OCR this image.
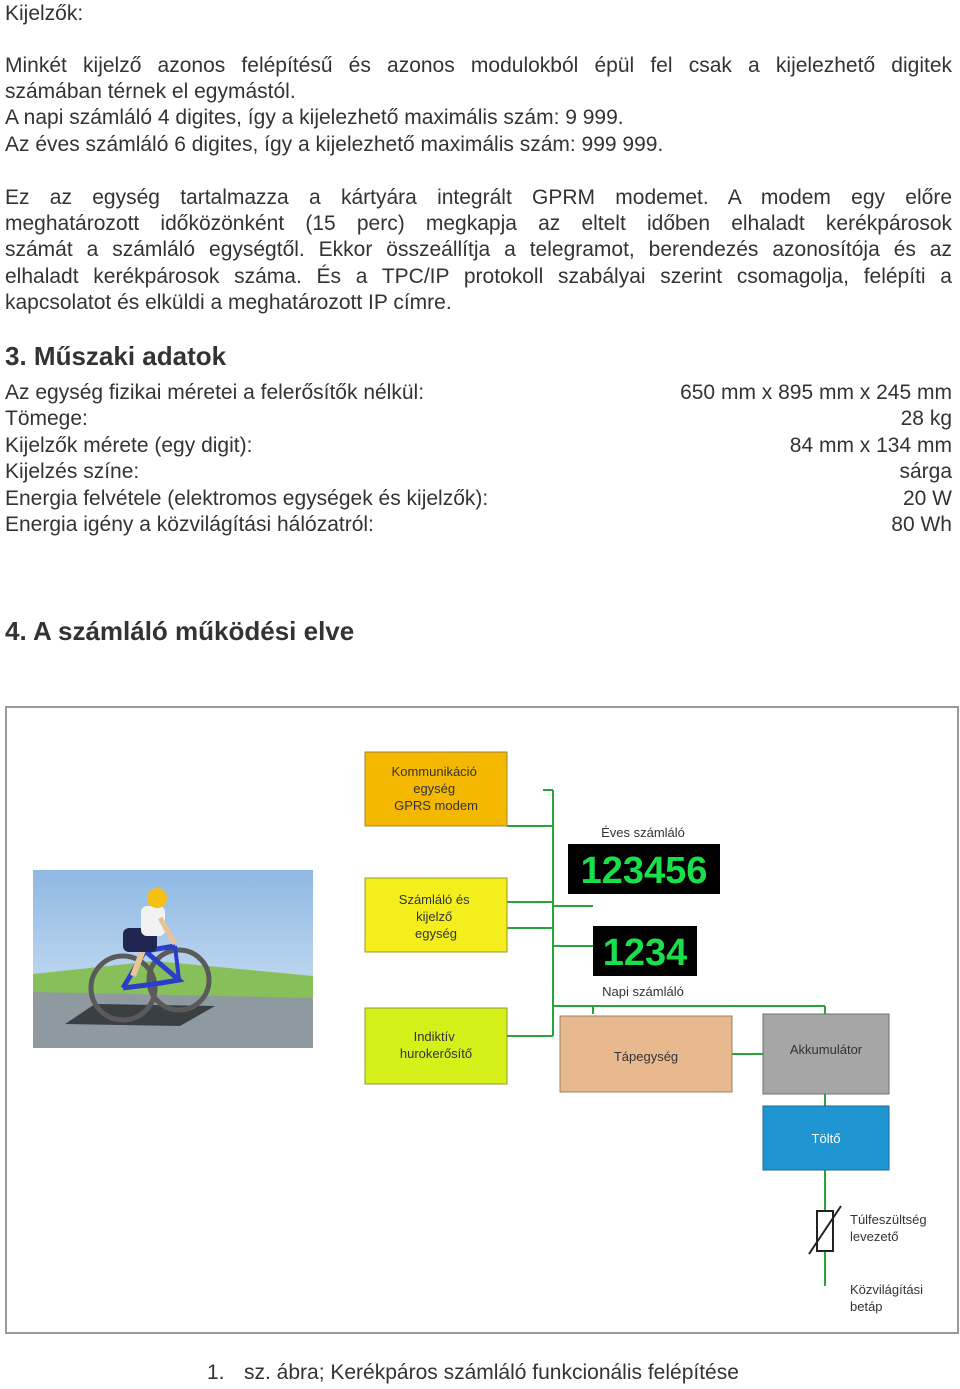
Kijelzők:
Minkét kijelző azonos felépítésű és azonos modulokból épül fel csak a kijelezhető digitek
számában térnek el egymástól.
A napi számláló 4 digites, így a kijelezhető maximális szám: 9 999.
Az éves számláló 6 digites, így a kijelezhető maximális szám: 999 999.
Ez az egység tartalmazza a kártyára integrált GPRM modemet. A modem egy előre
meghatározott időközönként (15 perc) megkapja az eltelt időben elhaladt kerékpárosok
számát a számláló egységtől. Ekkor összeállítja a telegramot, berendezés azonosítója és az
elhaladt kerékpárosok száma. És a TPC/IP protokoll szabályai szerint csomagolja, felépíti a
kapcsolatot és elküldi a meghatározott IP címre.
3. Műszaki adatok
Az egység fizikai méretei a felerősítők nélkül:	650 mm x 895 mm x 245 mm
Tömege:	28 kg
Kijelzők mérete (egy digit):	84 mm x 134 mm
Kijelzés színe:	sárga
Energia felvétele (elektromos egységek és kijelzők):	20 W
Energia igény a közvilágítási hálózatról:	80 Wh
4. A számláló működési elve
Kommunikáció egység GPRS modem
Számláló és kijelző egység
Indiktív hurokerősítő	Tápegység	Akkumulátor
Töltő
Éves számláló
123456
1234
Napi számláló
Túlfeszültség levezető
Közvilágítási betáp
1. sz. ábra; Kerékpáros számláló funkcionális felépítése
